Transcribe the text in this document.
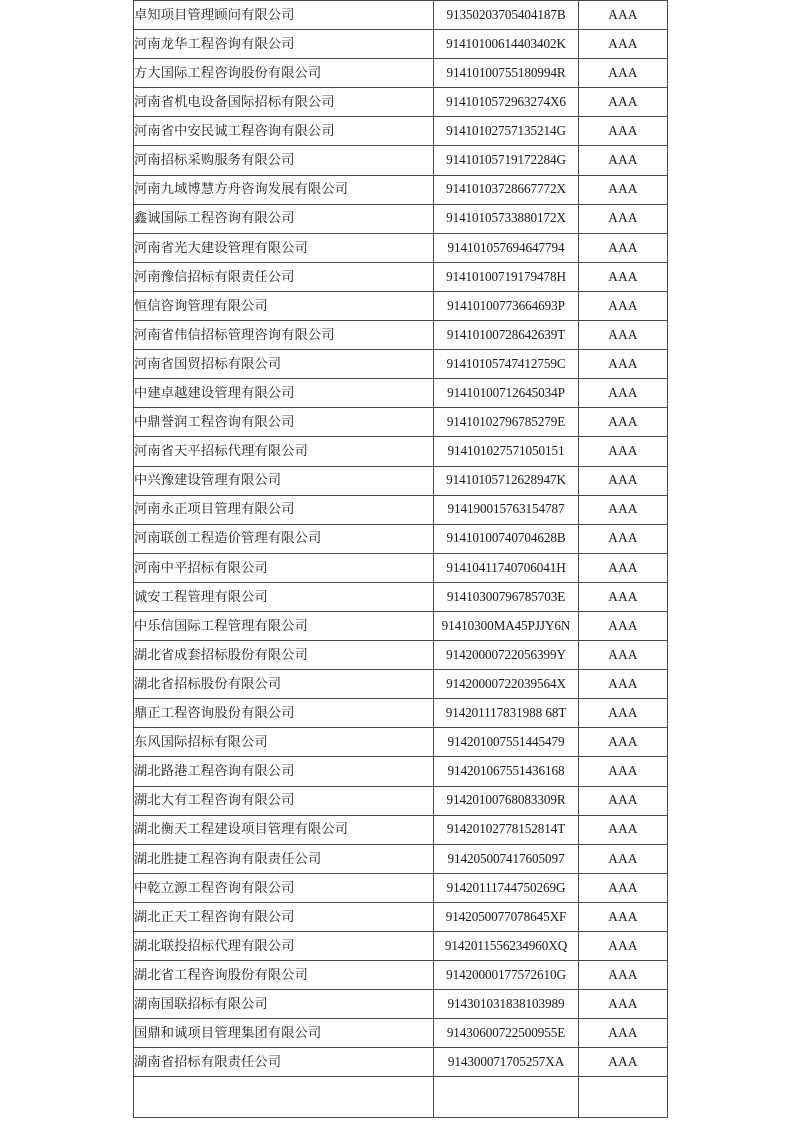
卓知项目管理顾问有限公司	91350203705404187B	AAA
河南龙华工程咨询有限公司	91410100614403402K	AAA
方大国际工程咨询股份有限公司	91410100755180994R	AAA
河南省机电设备国际招标有限公司	9141010572963274X6	AAA
河南省中安民诚工程咨询有限公司	91410102757135214G	AAA
河南招标采购服务有限公司	91410105719172284G	AAA
河南九域博慧方舟咨询发展有限公司	91410103728667772X	AAA
鑫诚国际工程咨询有限公司	91410105733880172X	AAA
河南省光大建设管理有限公司	914101057694647794	AAA
河南豫信招标有限责任公司	91410100719179478H	AAA
恒信咨询管理有限公司	91410100773664693P	AAA
河南省伟信招标管理咨询有限公司	91410100728642639T	AAA
河南省国贸招标有限公司	91410105747412759C	AAA
中建卓越建设管理有限公司	91410100712645034P	AAA
中鼎誉润工程咨询有限公司	91410102796785279E	AAA
河南省天平招标代理有限公司	914101027571050151	AAA
中兴豫建设管理有限公司	91410105712628947K	AAA
河南永正项目管理有限公司	914190015763154787	AAA
河南联创工程造价管理有限公司	91410100740704628B	AAA
河南中平招标有限公司	91410411740706041H	AAA
诚安工程管理有限公司	91410300796785703E	AAA
中乐信国际工程管理有限公司	91410300MA45PJJY6N	AAA
湖北省成套招标股份有限公司	91420000722056399Y	AAA
湖北省招标股份有限公司	91420000722039564X	AAA
鼎正工程咨询股份有限公司	914201117831988 68T	AAA
东风国际招标有限公司	914201007551445479	AAA
湖北路港工程咨询有限公司	914201067551436168	AAA
湖北大有工程咨询有限公司	91420100768083309R	AAA
湖北衡天工程建设项目管理有限公司	91420102778152814T	AAA
湖北胜捷工程咨询有限责任公司	914205007417605097	AAA
中乾立源工程咨询有限公司	91420111744750269G	AAA
湖北正天工程咨询有限公司	9142050077078645XF	AAA
湖北联投招标代理有限公司	9142011556234960XQ	AAA
湖北省工程咨询股份有限公司	91420000177572610G	AAA
湖南国联招标有限公司	914301031838103989	AAA
国鼎和诚项目管理集团有限公司	91430600722500955E	AAA
湖南省招标有限责任公司	914300071705257XA	AAA
